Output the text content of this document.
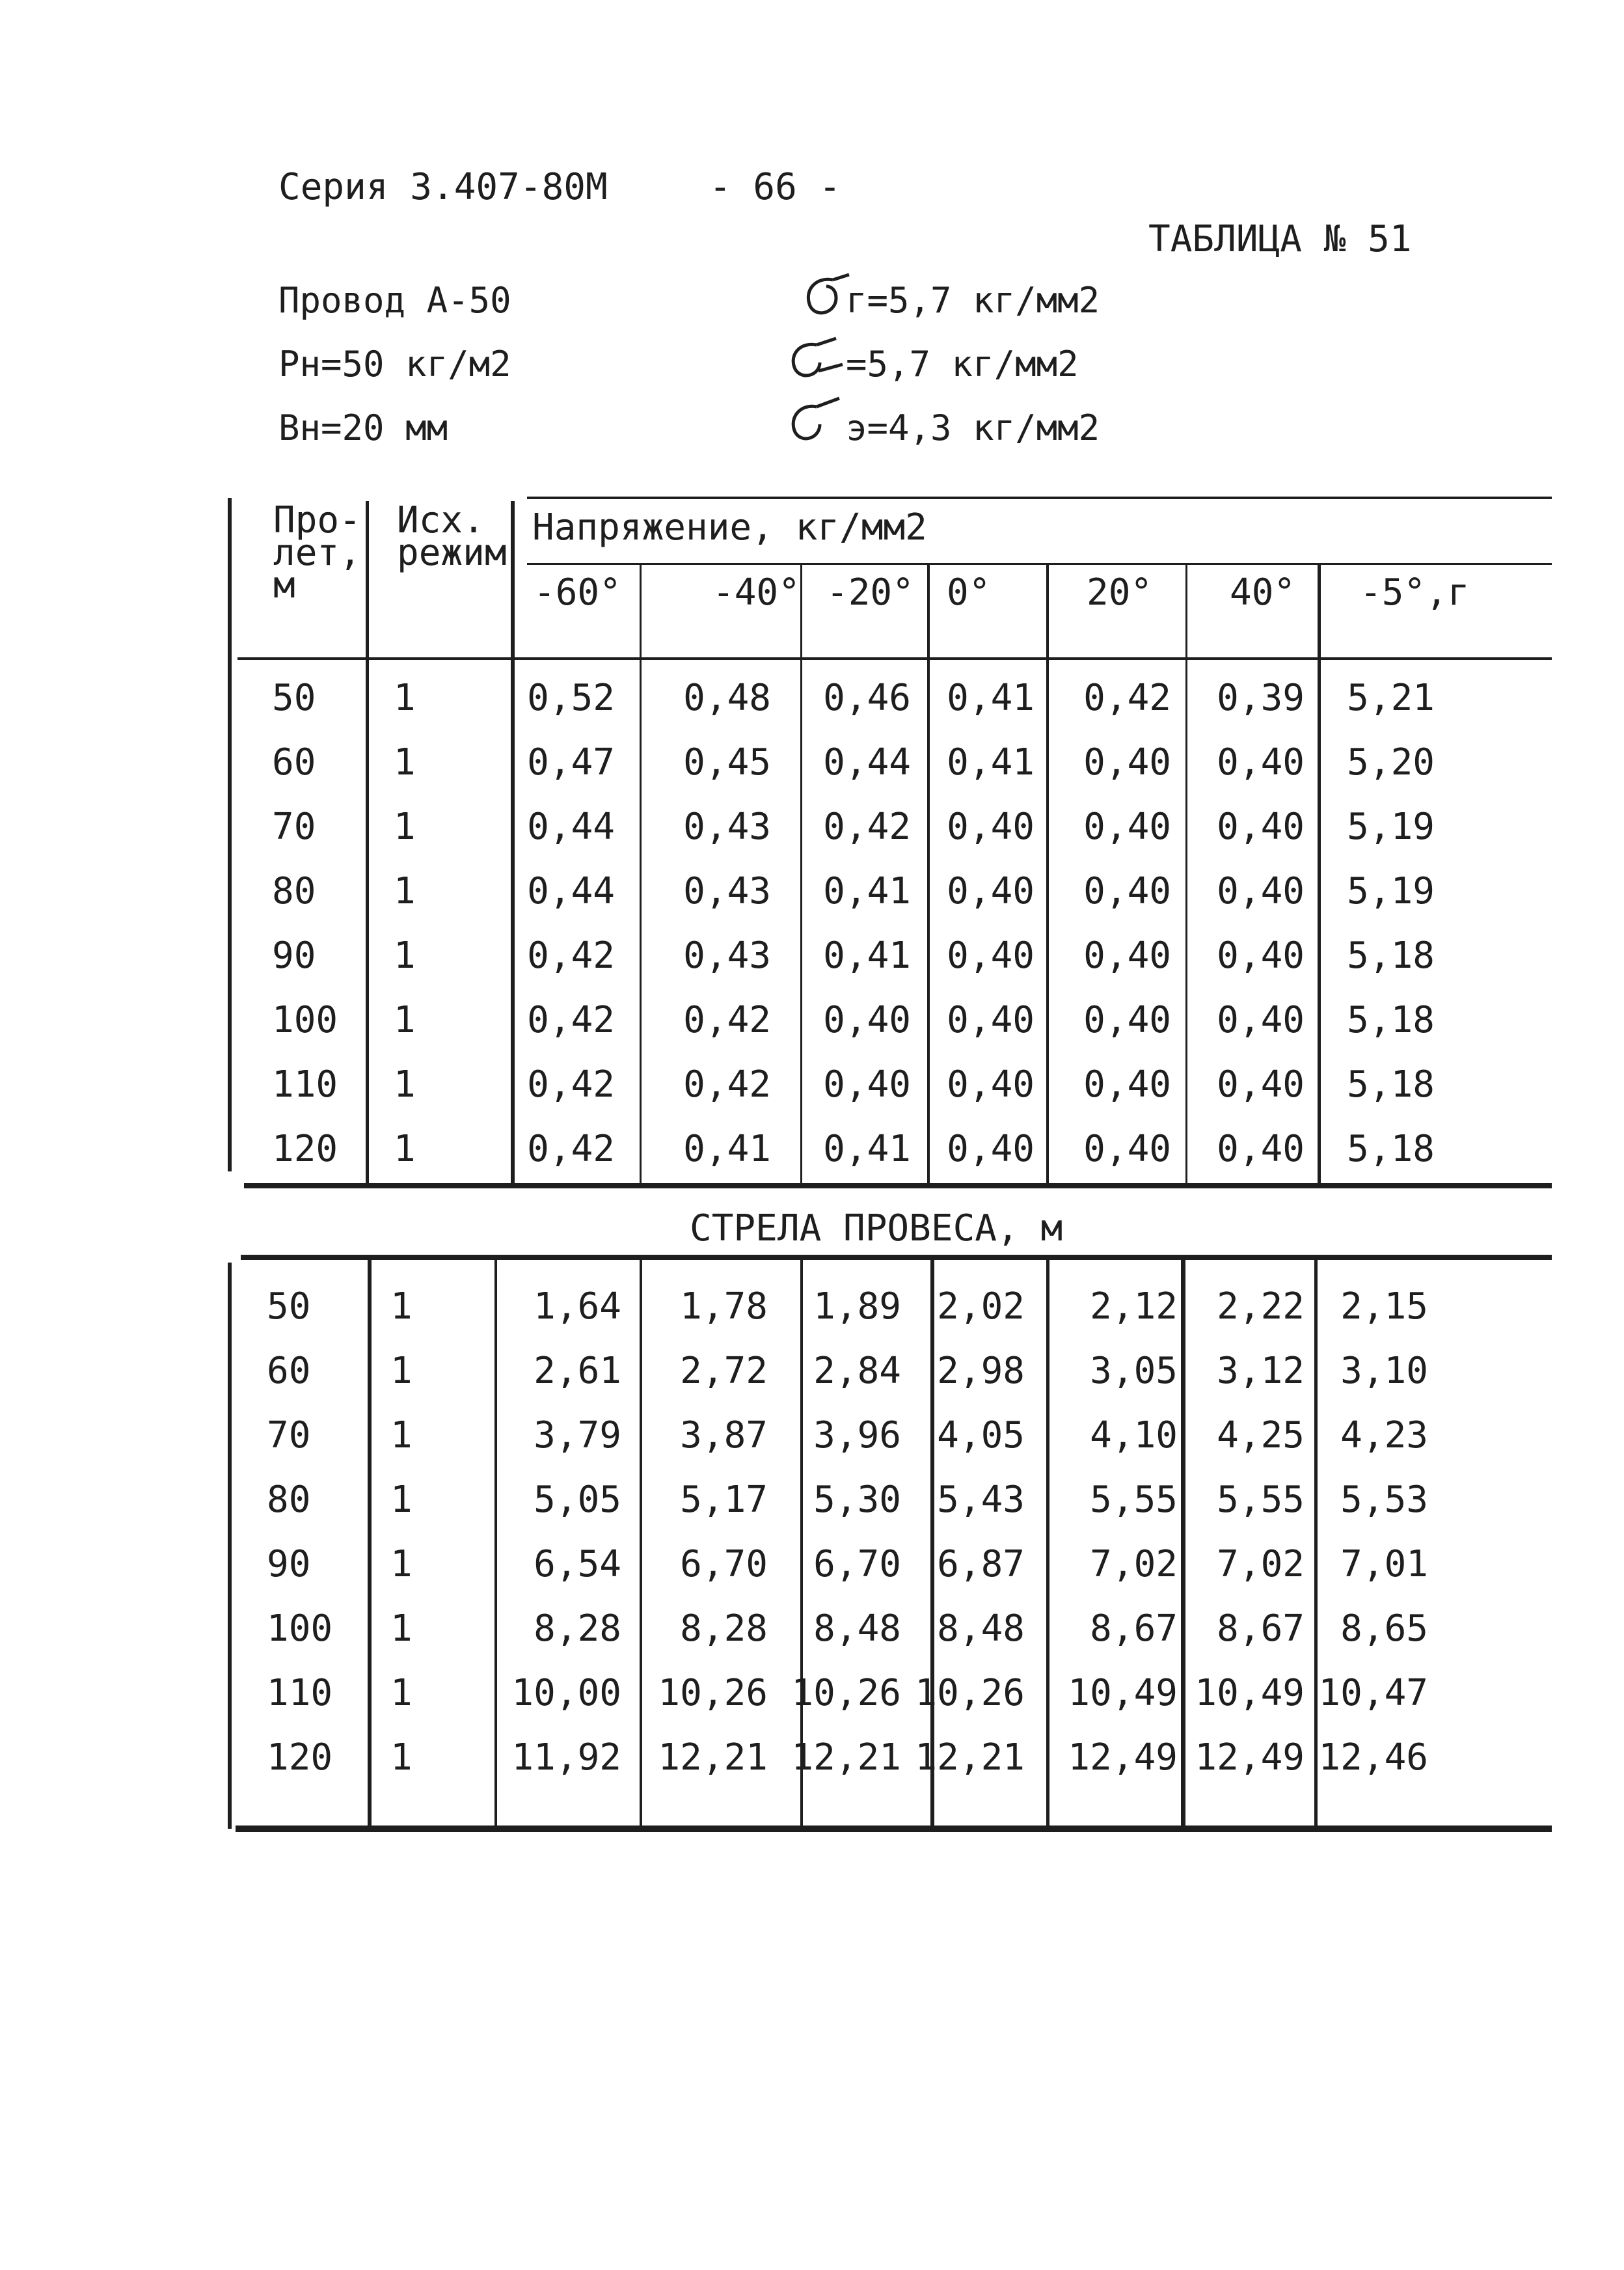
Серия 3.407-80М	- 66 -
ТАБЛИЦА № 51
Провод А-50
Рн=50 кг/м2
Вн=20 мм
г=5,7 кг/мм2
=5,7 кг/мм2
э=4,3 кг/мм2
Про-
лет,
м
Исх.
режим
Напряжение, кг/мм2
-60°	-40° -20° 0°	20° 40° -5°,г
50 1	0,52	0,48	0,46 0,41	0,42	0,39	5,21
60 1	0,47	0,45	0,44 0,41	0,40	0,40	5,20
70 1	0,44	0,43	0,42 0,40	0,40	0,40	5,19
80 1	0,44	0,43	0,41 0,40	0,40	0,40	5,19
90 1	0,42	0,43	0,41 0,40	0,40	0,40	5,18
100 1	0,42	0,42	0,40 0,40	0,40	0,40	5,18
110 1	0,42	0,42	0,40 0,40	0,40	0,40	5,18
120 1	0,42	0,41	0,41 0,40	0,40	0,40	5,18
СТРЕЛА ПРОВЕСА, м
50 1	1,64	1,78	1,89 2,02	2,12	2,22 2,15
60 1	2,61	2,72	2,84 2,98	3,05	3,12 3,10
70 1	3,79	3,87	3,96 4,05	4,10	4,25 4,23
80 1	5,05	5,17	5,30 5,43	5,55	5,55 5,53
90 1	6,54	6,70	6,70 6,87	7,02	7,02 7,01
100 1	8,28	8,28	8,48 8,48	8,67	8,67 8,65
110 1	10,00	10,26 10,26 10,26	10,49 10,49 10,47
120 1	11,92	12,21 12,21 12,21	12,49 12,49 12,46
